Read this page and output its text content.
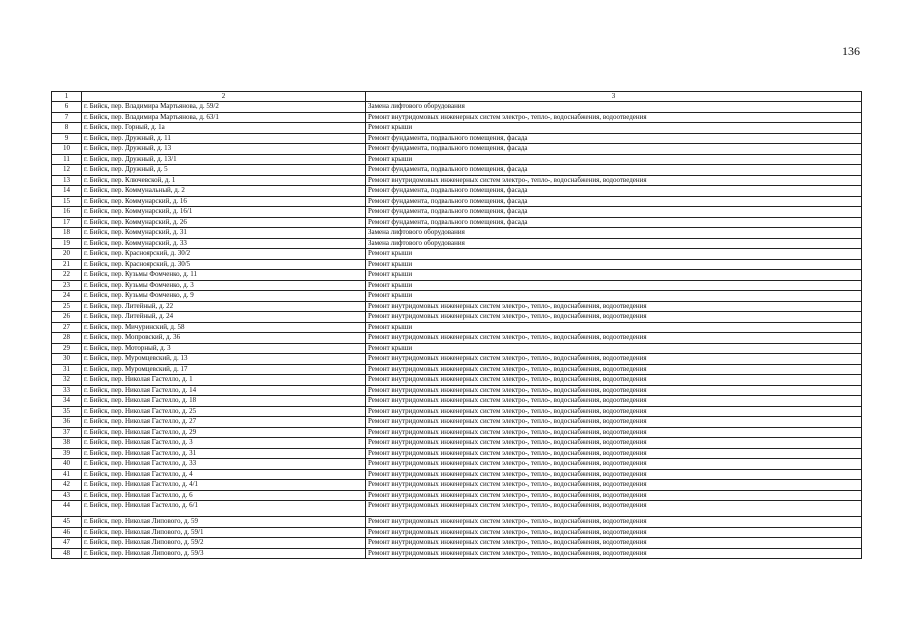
136
1	2	3
6	г. Бийск, пер. Владимира Мартьянова, д. 59/2	Замена лифтового оборудования
7	г. Бийск, пер. Владимира Мартьянова, д. 63/1	Ремонт внутридомовых инженерных систем электро-, тепло-, водоснабжения, водоотведения
8	г. Бийск, пер. Горный, д. 1а	Ремонт крыши
9	г. Бийск, пер. Дружный, д. 11	Ремонт фундамента, подвального помещения, фасада
10	г. Бийск, пер. Дружный, д. 13	Ремонт фундамента, подвального помещения, фасада
11	г. Бийск, пер. Дружный, д. 13/1	Ремонт крыши
12	г. Бийск, пер. Дружный, д. 5	Ремонт фундамента, подвального помещения, фасада
13	г. Бийск, пер. Ключевской, д. 1	Ремонт внутридомовых инженерных систем электро-, тепло-, водоснабжения, водоотведения
14	г. Бийск, пер. Коммунальный, д. 2	Ремонт фундамента, подвального помещения, фасада
15	г. Бийск, пер. Коммунарский, д. 16	Ремонт фундамента, подвального помещения, фасада
16	г. Бийск, пер. Коммунарский, д. 16/1	Ремонт фундамента, подвального помещения, фасада
17	г. Бийск, пер. Коммунарский, д. 26	Ремонт фундамента, подвального помещения, фасада
18	г. Бийск, пер. Коммунарский, д. 31	Замена лифтового оборудования
19	г. Бийск, пер. Коммунарский, д. 33	Замена лифтового оборудования
20	г. Бийск, пер. Красноярский, д. 30/2	Ремонт крыши
21	г. Бийск, пер. Красноярский, д. 30/5	Ремонт крыши
22	г. Бийск, пер. Кузьмы Фомченко, д. 11	Ремонт крыши
23	г. Бийск, пер. Кузьмы Фомченко, д. 3	Ремонт крыши
24	г. Бийск, пер. Кузьмы Фомченко, д. 9	Ремонт крыши
25	г. Бийск, пер. Литейный, д. 22	Ремонт внутридомовых инженерных систем электро-, тепло-, водоснабжения, водоотведения
26	г. Бийск, пер. Литейный, д. 24	Ремонт внутридомовых инженерных систем электро-, тепло-, водоснабжения, водоотведения
27	г. Бийск, пер. Мичуринский, д. 58	Ремонт крыши
28	г. Бийск, пер. Мопровский, д. 36	Ремонт внутридомовых инженерных систем электро-, тепло-, водоснабжения, водоотведения
29	г. Бийск, пер. Моторный, д. 3	Ремонт крыши
30	г. Бийск, пер. Муромцевский, д. 13	Ремонт внутридомовых инженерных систем электро-, тепло-, водоснабжения, водоотведения
31	г. Бийск, пер. Муромцевский, д. 17	Ремонт внутридомовых инженерных систем электро-, тепло-, водоснабжения, водоотведения
32	г. Бийск, пер. Николая Гастелло, д. 1	Ремонт внутридомовых инженерных систем электро-, тепло-, водоснабжения, водоотведения
33	г. Бийск, пер. Николая Гастелло, д. 14	Ремонт внутридомовых инженерных систем электро-, тепло-, водоснабжения, водоотведения
34	г. Бийск, пер. Николая Гастелло, д. 18	Ремонт внутридомовых инженерных систем электро-, тепло-, водоснабжения, водоотведения
35	г. Бийск, пер. Николая Гастелло, д. 25	Ремонт внутридомовых инженерных систем электро-, тепло-, водоснабжения, водоотведения
36	г. Бийск, пер. Николая Гастелло, д. 27	Ремонт внутридомовых инженерных систем электро-, тепло-, водоснабжения, водоотведения
37	г. Бийск, пер. Николая Гастелло, д. 29	Ремонт внутридомовых инженерных систем электро-, тепло-, водоснабжения, водоотведения
38	г. Бийск, пер. Николая Гастелло, д. 3	Ремонт внутридомовых инженерных систем электро-, тепло-, водоснабжения, водоотведения
39	г. Бийск, пер. Николая Гастелло, д. 31	Ремонт внутридомовых инженерных систем электро-, тепло-, водоснабжения, водоотведения
40	г. Бийск, пер. Николая Гастелло, д. 33	Ремонт внутридомовых инженерных систем электро-, тепло-, водоснабжения, водоотведения
41	г. Бийск, пер. Николая Гастелло, д. 4	Ремонт внутридомовых инженерных систем электро-, тепло-, водоснабжения, водоотведения
42	г. Бийск, пер. Николая Гастелло, д. 4/1	Ремонт внутридомовых инженерных систем электро-, тепло-, водоснабжения, водоотведения
43	г. Бийск, пер. Николая Гастелло, д. 6	Ремонт внутридомовых инженерных систем электро-, тепло-, водоснабжения, водоотведения
44	г. Бийск, пер. Николая Гастелло, д. 6/1	Ремонт внутридомовых инженерных систем электро-, тепло-, водоснабжения, водоотведения
45	г. Бийск, пер. Николая Липового, д. 59	Ремонт внутридомовых инженерных систем электро-, тепло-, водоснабжения, водоотведения
46	г. Бийск, пер. Николая Липового, д. 59/1	Ремонт внутридомовых инженерных систем электро-, тепло-, водоснабжения, водоотведения
47	г. Бийск, пер. Николая Липового, д. 59/2	Ремонт внутридомовых инженерных систем электро-, тепло-, водоснабжения, водоотведения
48	г. Бийск, пер. Николая Липового, д. 59/3	Ремонт внутридомовых инженерных систем электро-, тепло-, водоснабжения, водоотведения
